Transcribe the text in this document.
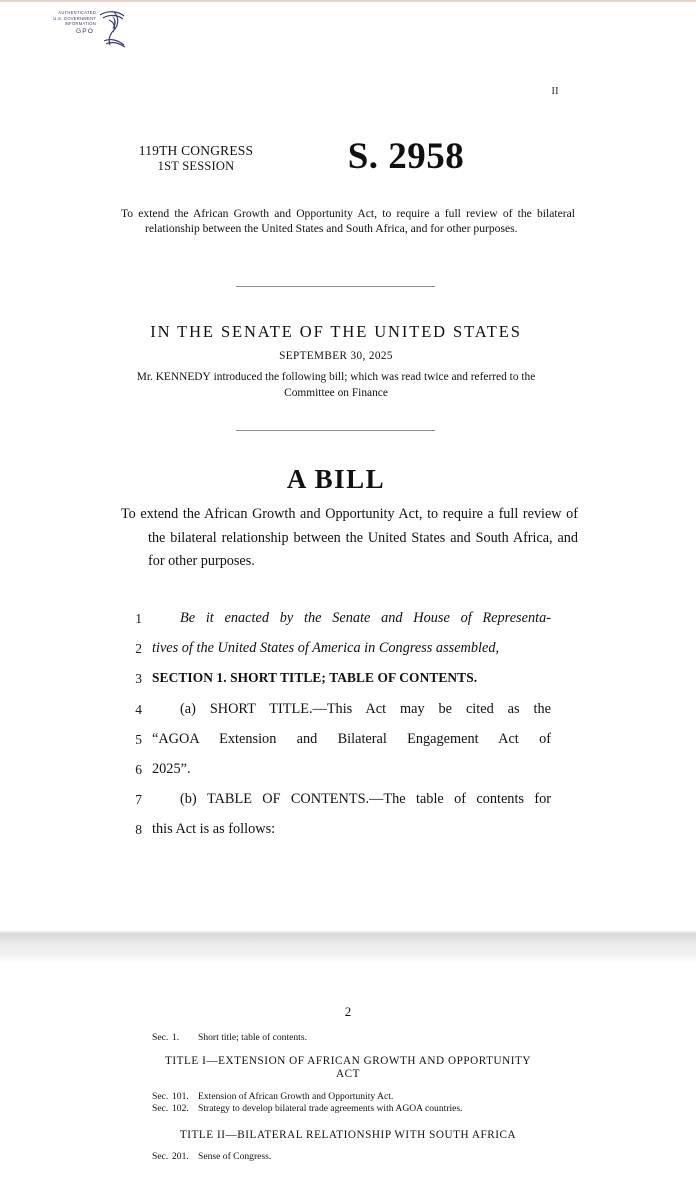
AUTHENTICATED
U.S. GOVERNMENT
INFORMATION
GPO
II
119TH CONGRESS
1ST SESSION	S. 2958
To extend the African Growth and Opportunity Act, to require a full review of the bilateral relationship between the United States and South Africa, and for other purposes.
IN THE SENATE OF THE UNITED STATES
SEPTEMBER 30, 2025
Mr. KENNEDY introduced the following bill; which was read twice and referred to the Committee on Finance
A BILL
To extend the African Growth and Opportunity Act, to require a full review of the bilateral relationship between the United States and South Africa, and for other purposes.
1	Be it enacted by the Senate and House of Representa-
2 tives of the United States of America in Congress assembled,
3 SECTION 1. SHORT TITLE; TABLE OF CONTENTS.
4	(a) SHORT TITLE.—This Act may be cited as the
5 “AGOA Extension and Bilateral Engagement Act of
6 2025”.
7	(b) TABLE OF CONTENTS.—The table of contents for
8 this Act is as follows:
2
Sec. 1. Short title; table of contents.
TITLE I—EXTENSION OF AFRICAN GROWTH AND OPPORTUNITY
ACT
Sec. 101. Extension of African Growth and Opportunity Act.
Sec. 102. Strategy to develop bilateral trade agreements with AGOA countries.
TITLE II—BILATERAL RELATIONSHIP WITH SOUTH AFRICA
Sec. 201. Sense of Congress.
